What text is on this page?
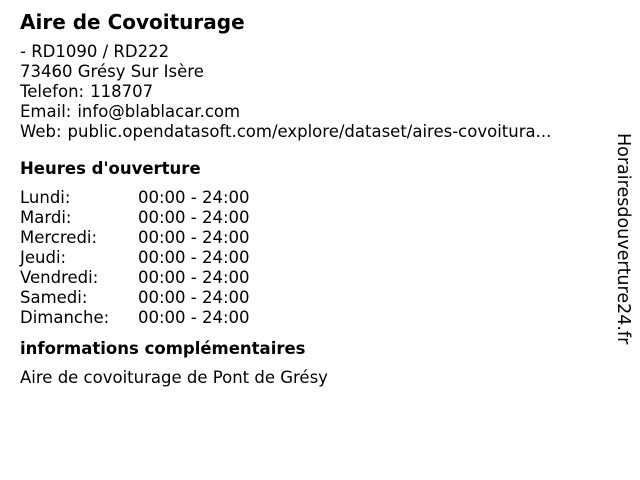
Aire de Covoiturage
- RD1090 / RD222
73460 Grésy Sur Isère
Telefon: 118707
Email: info@blablacar.com
Web: public.opendatasoft.com/explore/dataset/aires-covoitura...
Heures d'ouverture
Lundi:	00:00 - 24:00
Mardi:	00:00 - 24:00
Mercredi:	00:00 - 24:00
Jeudi:	00:00 - 24:00
Vendredi:	00:00 - 24:00
Samedi:	00:00 - 24:00
Dimanche:	00:00 - 24:00
informations complémentaires
Aire de covoiturage de Pont de Grésy
Horairesdouverture24.fr
